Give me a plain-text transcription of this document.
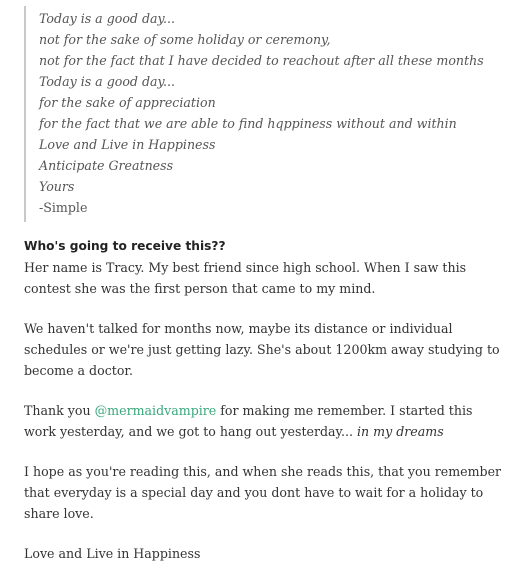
Today is a good day...
not for the sake of some holiday or ceremony,
not for the fact that I have decided to reachout after all these months
Today is a good day...
for the sake of appreciation
for the fact that we are able to find hqppiness without and within
Love and Live in Happiness
Anticipate Greatness
Yours
-Simple
Who's going to receive this??

Her name is Tracy. My best friend since high school. When I saw this contest she was the first person that came to my mind.

We haven't talked for months now, maybe its distance or individual schedules or we're just getting lazy. She's about 1200km away studying to become a doctor.

Thank you @mermaidvampire for making me remember. I started this work yesterday, and we got to hang out yesterday... in my dreams

I hope as you're reading this, and when she reads this, that you remember that everyday is a special day and you dont have to wait for a holiday to share love.

Love and Live in Happiness
